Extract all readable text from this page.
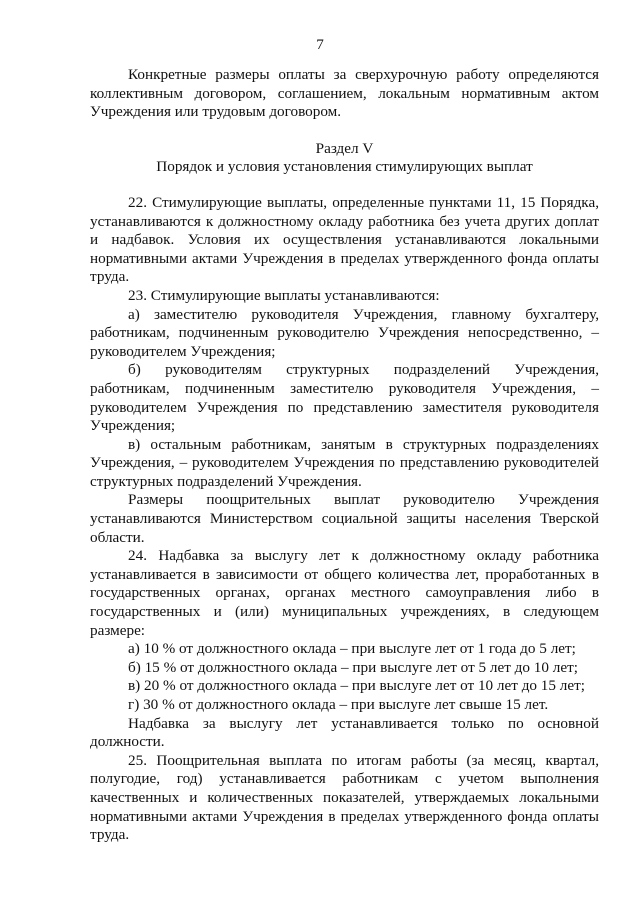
7

Конкретные размеры оплаты за сверхурочную работу определяются коллективным договором, соглашением, локальным нормативным актом Учреждения или трудовым договором.

Раздел V

Порядок и условия установления стимулирующих выплат

22. Стимулирующие выплаты, определенные пунктами 11, 15 Порядка, устанавливаются к должностному окладу работника без учета других доплат и надбавок. Условия их осуществления устанавливаются локальными нормативными актами Учреждения в пределах утвержденного фонда оплаты труда.

23. Стимулирующие выплаты устанавливаются:

а) заместителю руководителя Учреждения, главному бухгалтеру, работникам, подчиненным руководителю Учреждения непосредственно, – руководителем Учреждения;

б) руководителям структурных подразделений Учреждения, работникам, подчиненным заместителю руководителя Учреждения, – руководителем Учреждения по представлению заместителя руководителя Учреждения;

в) остальным работникам, занятым в структурных подразделениях Учреждения, – руководителем Учреждения по представлению руководителей структурных подразделений Учреждения.

Размеры поощрительных выплат руководителю Учреждения устанавливаются Министерством социальной защиты населения Тверской области.

24. Надбавка за выслугу лет к должностному окладу работника устанавливается в зависимости от общего количества лет, проработанных в государственных органах, органах местного самоуправления либо в государственных и (или) муниципальных учреждениях, в следующем размере:

а) 10 % от должностного оклада – при выслуге лет от 1 года до 5 лет;

б) 15 % от должностного оклада – при выслуге лет от 5 лет до 10 лет;

в) 20 % от должностного оклада – при выслуге лет от 10 лет до 15 лет;

г) 30 % от должностного оклада – при выслуге лет свыше 15 лет.

Надбавка за выслугу лет устанавливается только по основной должности.

25. Поощрительная выплата по итогам работы (за месяц, квартал, полугодие, год) устанавливается работникам с учетом выполнения качественных и количественных показателей, утверждаемых локальными нормативными актами Учреждения в пределах утвержденного фонда оплаты труда.
